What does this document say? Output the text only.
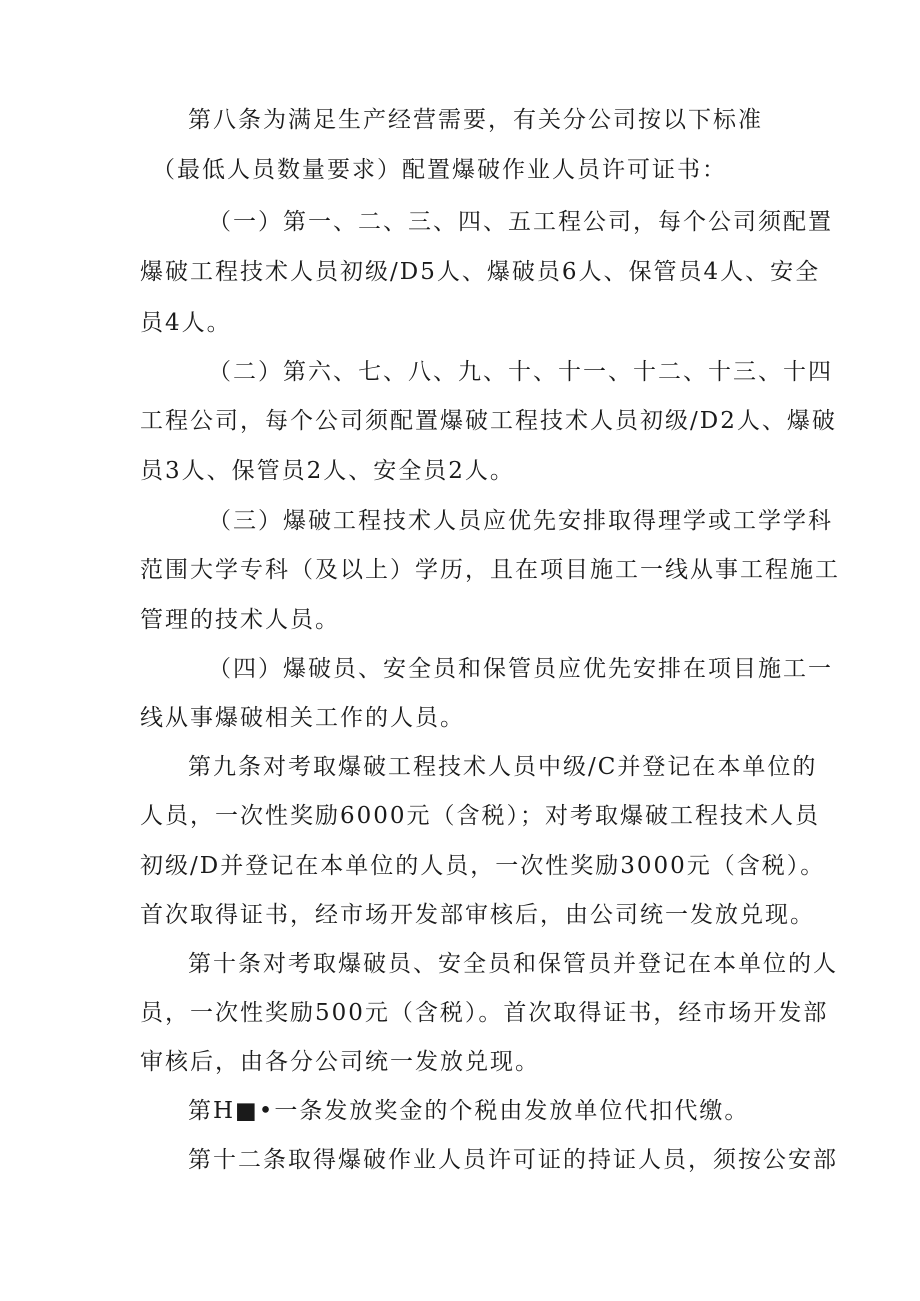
第八条为满足生产经营需要，有关分公司按以下标准
（最低人员数量要求）配置爆破作业人员许可证书：
（一）第一、二、三、四、五工程公司，每个公司须配置
爆破工程技术人员初级/D5人、爆破员6人、保管员4人、安全
员4人。
（二）第六、七、八、九、十、十一、十二、十三、十四
工程公司，每个公司须配置爆破工程技术人员初级/D2人、爆破
员3人、保管员2人、安全员2人。
（三）爆破工程技术人员应优先安排取得理学或工学学科
范围大学专科（及以上）学历，且在项目施工一线从事工程施工
管理的技术人员。
（四）爆破员、安全员和保管员应优先安排在项目施工一
线从事爆破相关工作的人员。
第九条对考取爆破工程技术人员中级/C并登记在本单位的
人员，一次性奖励6000元（含税）；对考取爆破工程技术人员
初级/D并登记在本单位的人员，一次性奖励3000元（含税）。
首次取得证书，经市场开发部审核后，由公司统一发放兑现。
第十条对考取爆破员、安全员和保管员并登记在本单位的人
员，一次性奖励500元（含税）。首次取得证书，经市场开发部
审核后，由各分公司统一发放兑现。
第H■•一条发放奖金的个税由发放单位代扣代缴。
第十二条取得爆破作业人员许可证的持证人员，须按公安部
